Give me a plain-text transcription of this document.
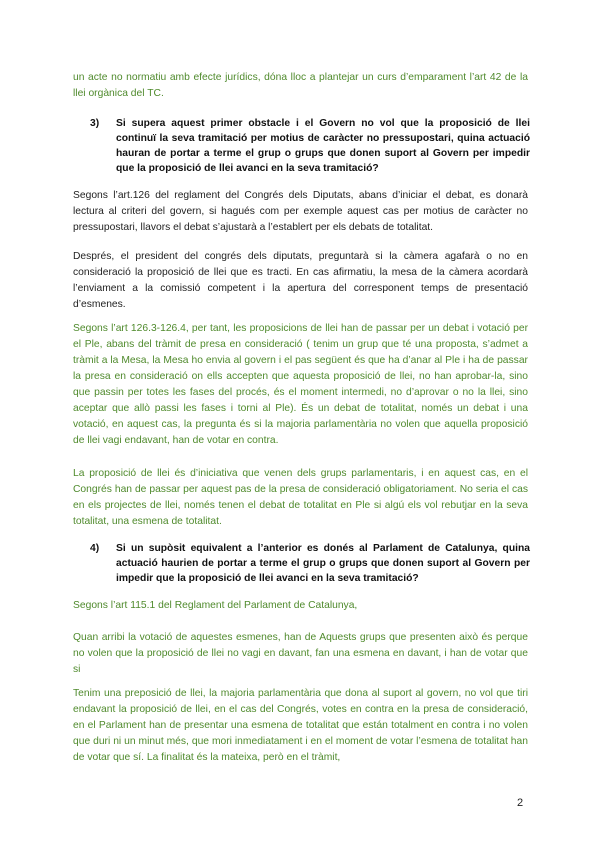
un acte no normatiu amb efecte jurídics, dóna lloc a plantejar un curs d’emparament l’art 42 de la llei orgànica del TC.

3)	Si supera aquest primer obstacle i el Govern no vol que la proposició de llei continuï la seva tramitació per motius de caràcter no pressupostari, quina actuació hauran de portar a terme el grup o grups que donen suport al Govern per impedir que la proposició de llei avanci en la seva tramitació?

Segons l’art.126 del reglament del Congrés dels Diputats, abans d’iniciar el debat, es donarà lectura al criteri del govern, si hagués com per exemple aquest cas per motius de caràcter no pressupostari, llavors el debat s’ajustarà a l’establert per els debats de totalitat.

Després, el president del congrés dels diputats, preguntarà si la càmera agafarà o no en consideració la proposició de llei que es tracti. En cas afirmatiu, la mesa de la càmera acordarà l’enviament a la comissió competent i la apertura del corresponent temps de presentació d’esmenes.

Segons l’art 126.3-126.4, per tant, les proposicions de llei han de passar per un debat i votació per el Ple, abans del tràmit de presa en consideració ( tenim un grup que té una proposta, s’admet a tràmit a la Mesa, la Mesa ho envia al govern i el pas següent és que ha d’anar al Ple i ha de passar la presa en consideració on ells accepten que aquesta proposició de llei, no han aprobar-la, sino que passin per totes les fases del procés, és el moment intermedi, no d’aprovar o no la llei, sino aceptar que allò passi les fases i torni al Ple). És un debat de totalitat, només un debat i una votació, en aquest cas, la pregunta és si la majoria parlamentària no volen que aquella proposició de llei vagi endavant, han de votar en contra.

La proposició de llei és d’iniciativa que venen dels grups parlamentaris, i en aquest cas, en el Congrés han de passar per aquest pas de la presa de consideració obligatoriament. No seria el cas en els projectes de llei, només tenen el debat de totalitat en Ple si algú els vol rebutjar en la seva totalitat, una esmena de totalitat.

4)	Si un supòsit equivalent a l’anterior es donés al Parlament de Catalunya, quina actuació haurien de portar a terme el grup o grups que donen suport al Govern per impedir que la proposició de llei avanci en la seva tramitació?

Segons l’art 115.1 del Reglament del Parlament de Catalunya,

Quan arribi la votació de aquestes esmenes, han de Aquests grups que presenten això és perque no volen que la proposició de llei no vagi en davant, fan una esmena en davant, i han de votar que si

Tenim una preposició de llei, la majoria parlamentària que dona al suport al govern, no vol que tiri endavant la proposició de llei, en el cas del Congrés, votes en contra en la presa de consideració, en el Parlament han de presentar una esmena de totalitat que están totalment en contra i no volen que duri ni un minut més, que mori inmediatament i en el moment de votar l’esmena de totalitat han de votar que sí. La finalitat és la mateixa, però en el tràmit,

2
